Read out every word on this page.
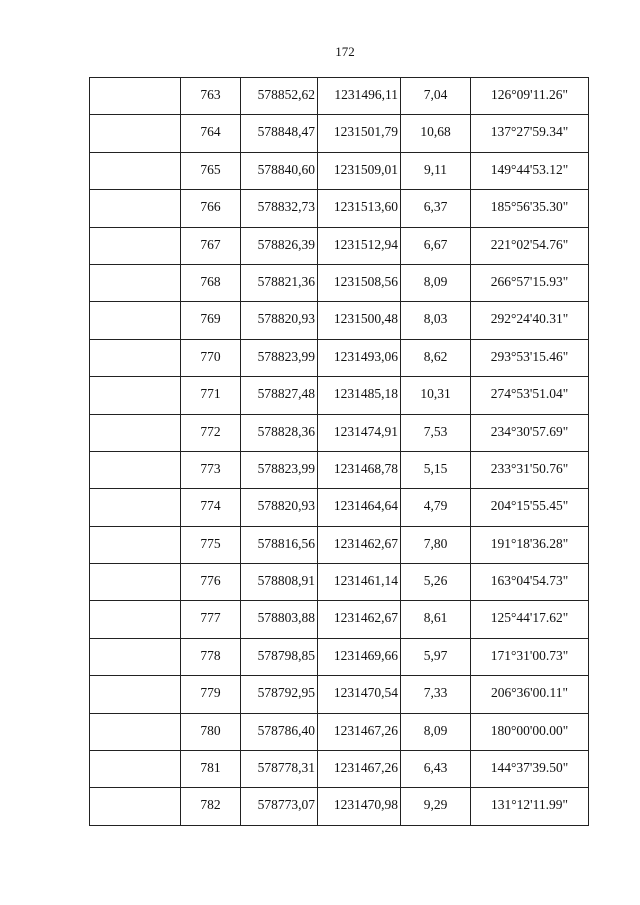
172

	763	578852,62	1231496,11	7,04	126°09'11.26"

	764	578848,47	1231501,79	10,68	137°27'59.34"

	765	578840,60	1231509,01	9,11	149°44'53.12"

	766	578832,73	1231513,60	6,37	185°56'35.30"

	767	578826,39	1231512,94	6,67	221°02'54.76"

	768	578821,36	1231508,56	8,09	266°57'15.93"

	769	578820,93	1231500,48	8,03	292°24'40.31"

	770	578823,99	1231493,06	8,62	293°53'15.46"

	771	578827,48	1231485,18	10,31	274°53'51.04"

	772	578828,36	1231474,91	7,53	234°30'57.69"

	773	578823,99	1231468,78	5,15	233°31'50.76"

	774	578820,93	1231464,64	4,79	204°15'55.45"

	775	578816,56	1231462,67	7,80	191°18'36.28"

	776	578808,91	1231461,14	5,26	163°04'54.73"

	777	578803,88	1231462,67	8,61	125°44'17.62"

	778	578798,85	1231469,66	5,97	171°31'00.73"

	779	578792,95	1231470,54	7,33	206°36'00.11"

	780	578786,40	1231467,26	8,09	180°00'00.00"

	781	578778,31	1231467,26	6,43	144°37'39.50"

	782	578773,07	1231470,98	9,29	131°12'11.99"
